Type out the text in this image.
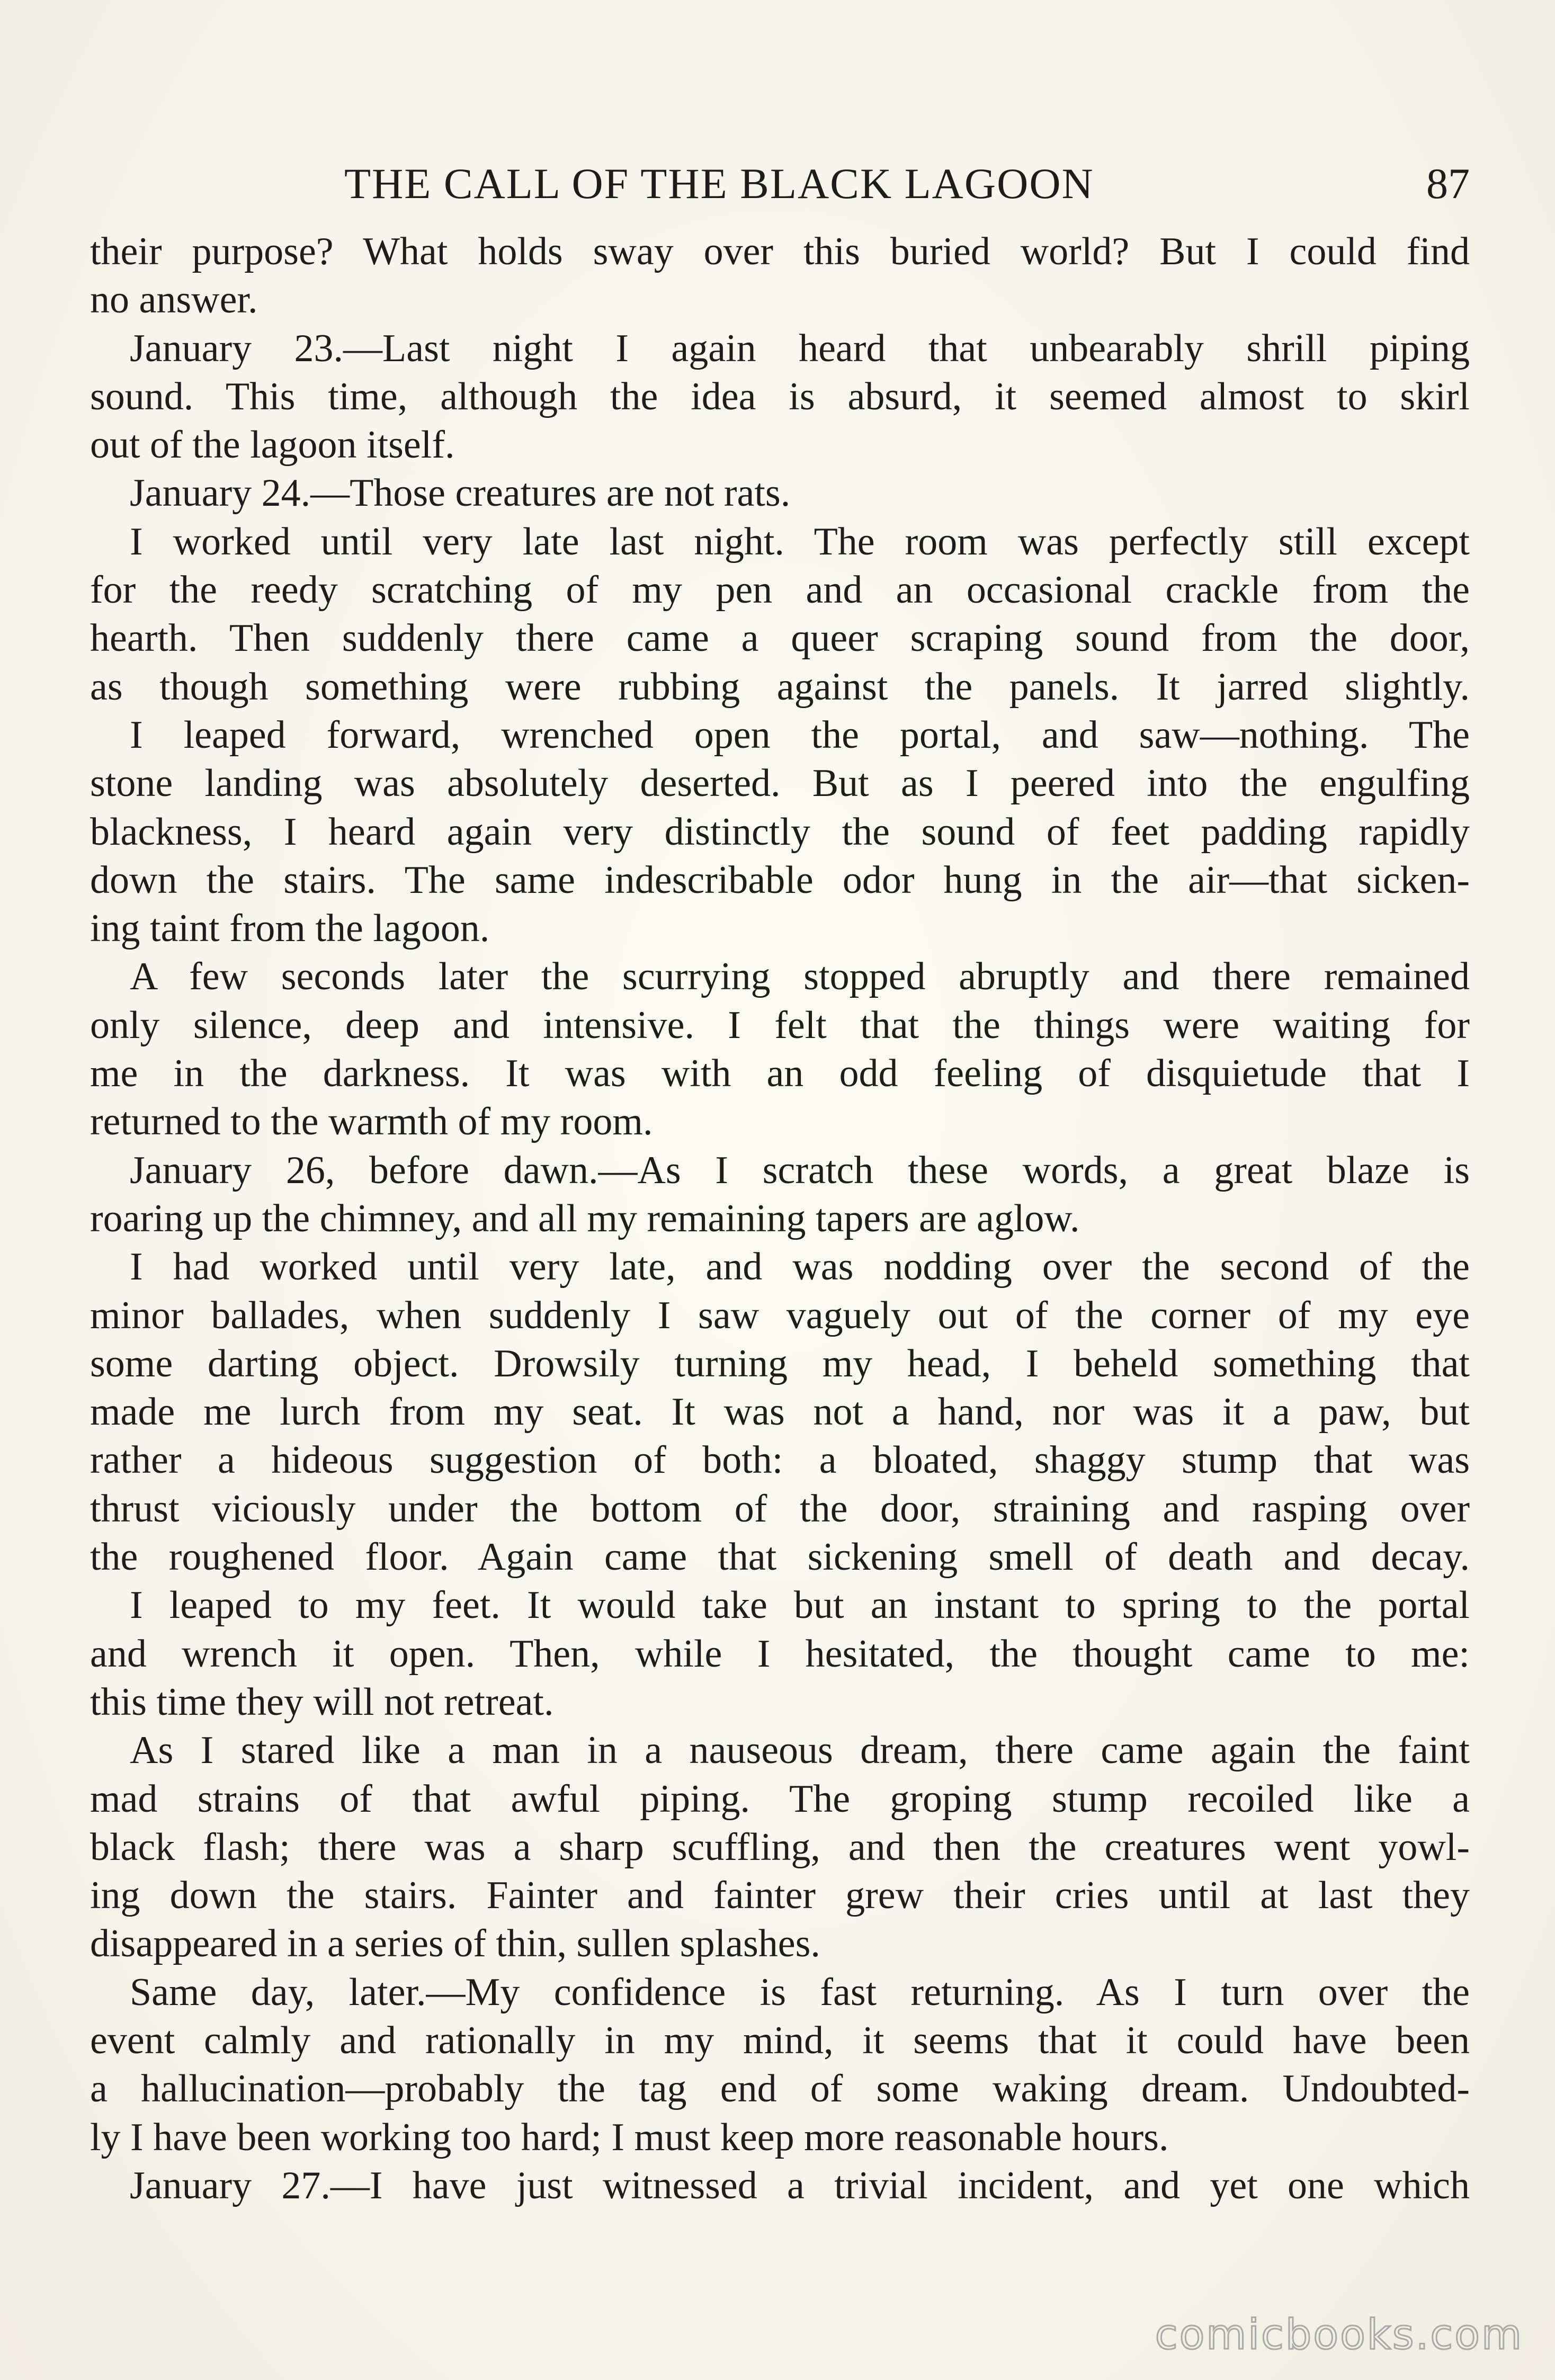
THE CALL OF THE BLACK LAGOON	87
their purpose? What holds sway over this buried world? But I could find
no answer.
January 23.—Last night I again heard that unbearably shrill piping
sound. This time, although the idea is absurd, it seemed almost to skirl
out of the lagoon itself.
January 24.—Those creatures are not rats.
I worked until very late last night. The room was perfectly still except
for the reedy scratching of my pen and an occasional crackle from the
hearth. Then suddenly there came a queer scraping sound from the door,
as though something were rubbing against the panels. It jarred slightly.
I leaped forward, wrenched open the portal, and saw—nothing. The
stone landing was absolutely deserted. But as I peered into the engulfing
blackness, I heard again very distinctly the sound of feet padding rapidly
down the stairs. The same indescribable odor hung in the air—that sicken-
ing taint from the lagoon.
A few seconds later the scurrying stopped abruptly and there remained
only silence, deep and intensive. I felt that the things were waiting for
me in the darkness. It was with an odd feeling of disquietude that I
returned to the warmth of my room.
January 26, before dawn.—As I scratch these words, a great blaze is
roaring up the chimney, and all my remaining tapers are aglow.
I had worked until very late, and was nodding over the second of the
minor ballades, when suddenly I saw vaguely out of the corner of my eye
some darting object. Drowsily turning my head, I beheld something that
made me lurch from my seat. It was not a hand, nor was it a paw, but
rather a hideous suggestion of both: a bloated, shaggy stump that was
thrust viciously under the bottom of the door, straining and rasping over
the roughened floor. Again came that sickening smell of death and decay.
I leaped to my feet. It would take but an instant to spring to the portal
and wrench it open. Then, while I hesitated, the thought came to me:
this time they will not retreat.
As I stared like a man in a nauseous dream, there came again the faint
mad strains of that awful piping. The groping stump recoiled like a
black flash; there was a sharp scuffling, and then the creatures went yowl-
ing down the stairs. Fainter and fainter grew their cries until at last they
disappeared in a series of thin, sullen splashes.
Same day, later.—My confidence is fast returning. As I turn over the
event calmly and rationally in my mind, it seems that it could have been
a hallucination—probably the tag end of some waking dream. Undoubted-
ly I have been working too hard; I must keep more reasonable hours.
January 27.—I have just witnessed a trivial incident, and yet one which
comicbooks.com
